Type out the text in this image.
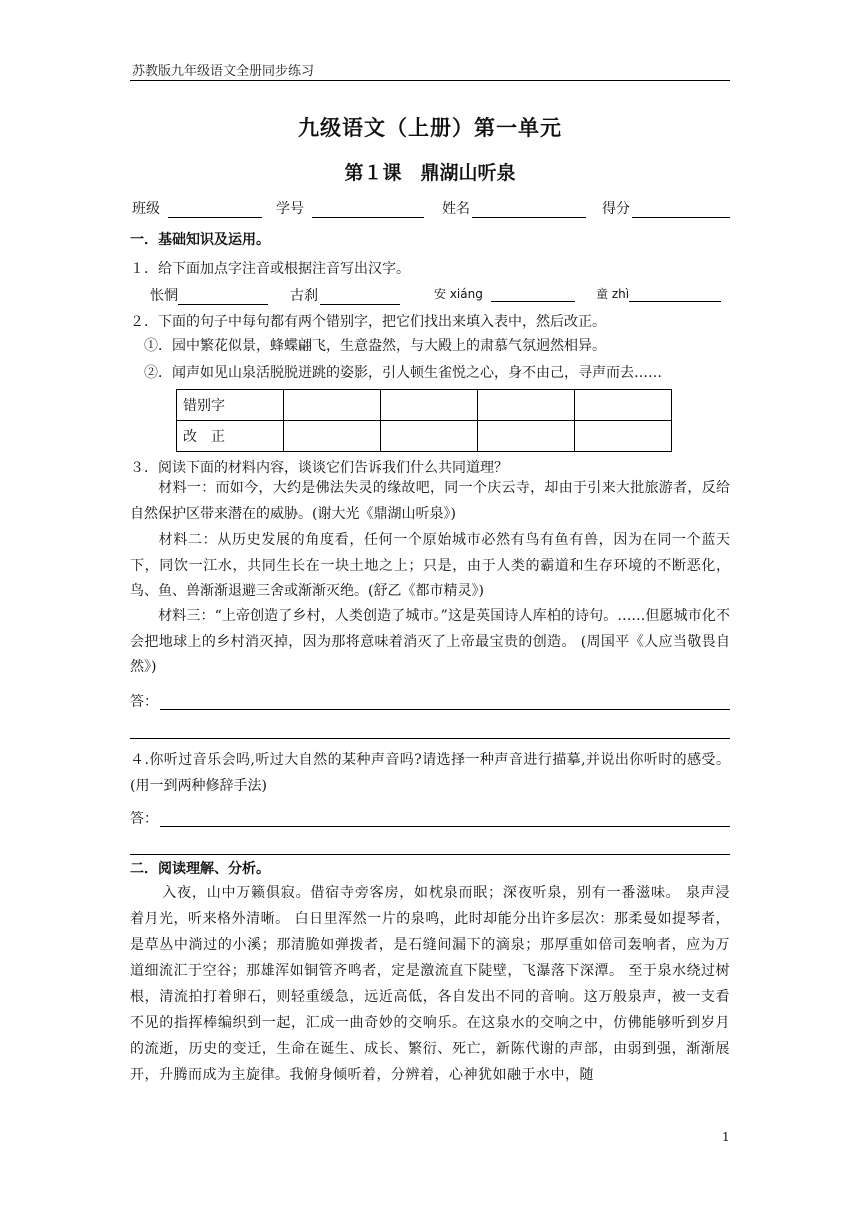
苏教版九年级语文全册同步练习
九级语文（上册）第一单元
第１课　鼎湖山听泉
班级	学号	姓名	得分
一．基础知识及运用。
１．给下面加点字注音或根据注音写出汉字。
怅惘	古刹	安 xiáng	童 zhì
２．下面的句子中每句都有两个错别字，把它们找出来填入表中，然后改正。
①．园中繁花似景，蜂蝶翩飞，生意盎然，与大殿上的肃慕气氛迥然相异。
②．闻声如见山泉活脱脱迸跳的姿影，引人顿生雀悦之心，身不由己，寻声而去……
错别字				
改　正				
３．阅读下面的材料内容，谈谈它们告诉我们什么共同道理？
材料一：而如今，大约是佛法失灵的缘故吧，同一个庆云寺，却由于引来大批旅游者，反给自然保护区带来潜在的威胁。(谢大光《鼎湖山听泉》)
材料二：从历史发展的角度看，任何一个原始城市必然有鸟有鱼有兽，因为在同一个蓝天下，同饮一江水，共同生长在一块土地之上；只是，由于人类的霸道和生存环境的不断恶化，鸟、鱼、兽渐渐退避三舍或渐渐灭绝。(舒乙《都市精灵》)
材料三：“上帝创造了乡村，人类创造了城市。”这是英国诗人库柏的诗句。……但愿城市化不会把地球上的乡村消灭掉，因为那将意味着消灭了上帝最宝贵的创造。 (周国平《人应当敬畏自然》)
答：
４.你听过音乐会吗,听过大自然的某种声音吗?请选择一种声音进行描摹,并说出你听时的感受。(用一到两种修辞手法)
答：
二．阅读理解、分析。
入夜，山中万籁俱寂。借宿寺旁客房，如枕泉而眠；深夜听泉，别有一番滋味。 泉声浸着月光，听来格外清晰。 白日里浑然一片的泉鸣，此时却能分出许多层次：那柔曼如提琴者，是草丛中淌过的小溪；那清脆如弹拨者，是石缝间漏下的滴泉；那厚重如倍司轰响者，应为万道细流汇于空谷；那雄浑如铜管齐鸣者，定是激流直下陡壁，飞瀑落下深潭。 至于泉水绕过树根，清流拍打着卵石，则轻重缓急，远近高低，各自发出不同的音响。这万般泉声，被一支看不见的指挥棒编织到一起，汇成一曲奇妙的交响乐。在这泉水的交响之中，仿佛能够听到岁月的流逝，历史的变迁，生命在诞生、成长、繁衍、死亡，新陈代谢的声部，由弱到强，渐渐展开，升腾而成为主旋律。我俯身倾听着，分辨着，心神犹如融于水中，随
1
